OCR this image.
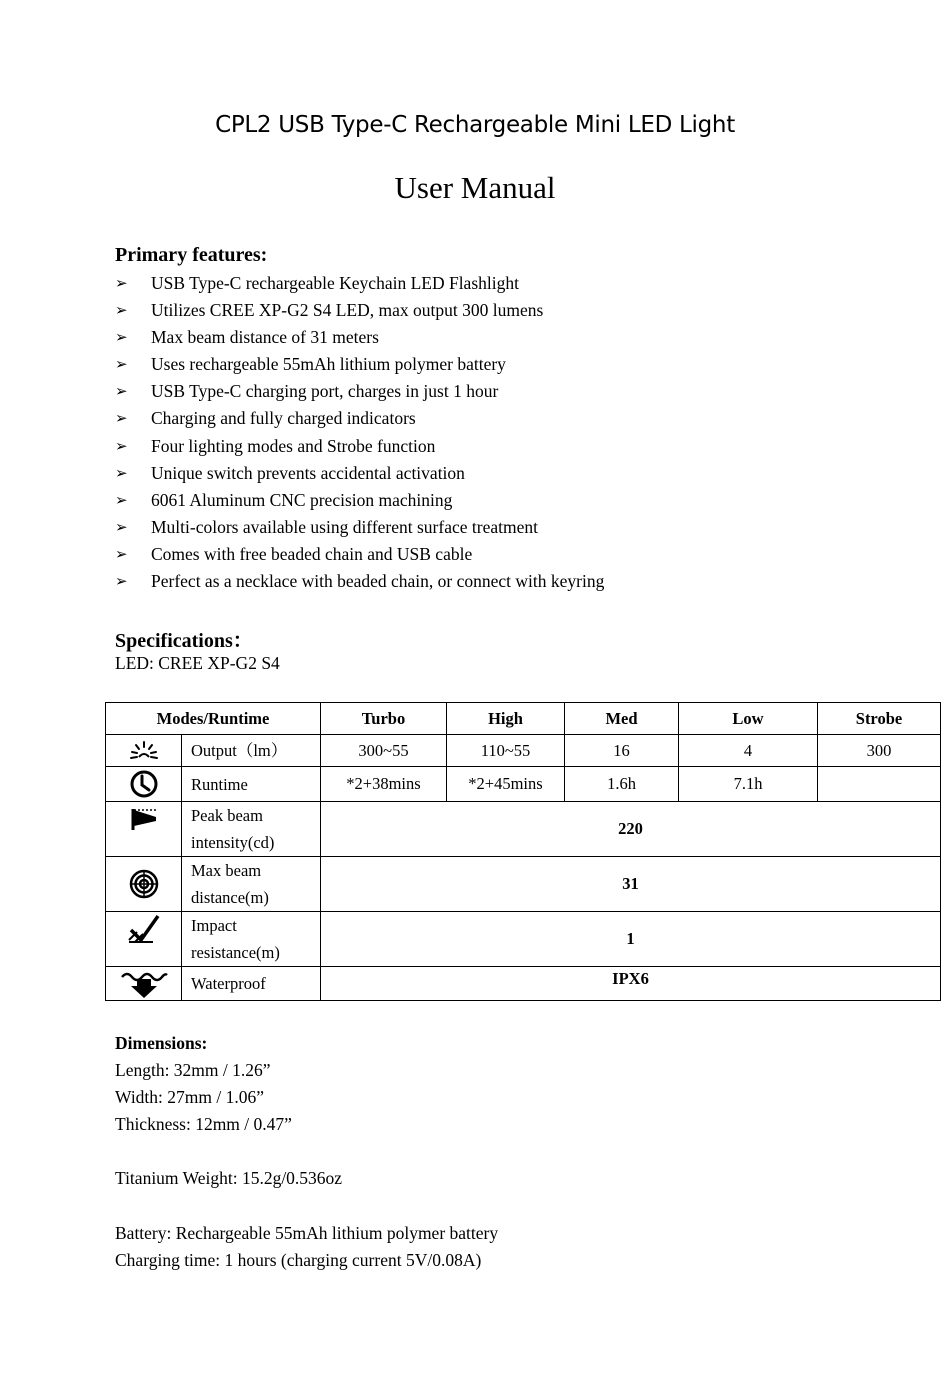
CPL2 USB Type-C Rechargeable Mini LED Light
User Manual
Primary features:
➢ USB Type-C rechargeable Keychain LED Flashlight
➢ Utilizes CREE XP-G2 S4 LED, max output 300 lumens
➢ Max beam distance of 31 meters
➢ Uses rechargeable 55mAh lithium polymer battery
➢ USB Type-C charging port, charges in just 1 hour
➢ Charging and fully charged indicators
➢ Four lighting modes and Strobe function
➢ Unique switch prevents accidental activation
➢ 6061 Aluminum CNC precision machining
➢ Multi-colors available using different surface treatment
➢ Comes with free beaded chain and USB cable
➢ Perfect as a necklace with beaded chain, or connect with keyring
Specifications：
LED: CREE XP-G2 S4
Modes/Runtime		Turbo	High	Med	Low	Strobe

	Output（lm）	300~55	110~55	16	4	300

	Runtime	*2+38mins	*2+45mins	1.6h	7.1h	

Peak beam
intensity(cd)	220				

Max beam
distance(m)	31				

Impact
resistance(m)	1				

	Waterproof	IPX6				
Dimensions:
Length: 32mm / 1.26”
Width: 27mm / 1.06”
Thickness: 12mm / 0.47”
Titanium Weight: 15.2g/0.536oz
Battery: Rechargeable 55mAh lithium polymer battery
Charging time: 1 hours (charging current 5V/0.08A)
